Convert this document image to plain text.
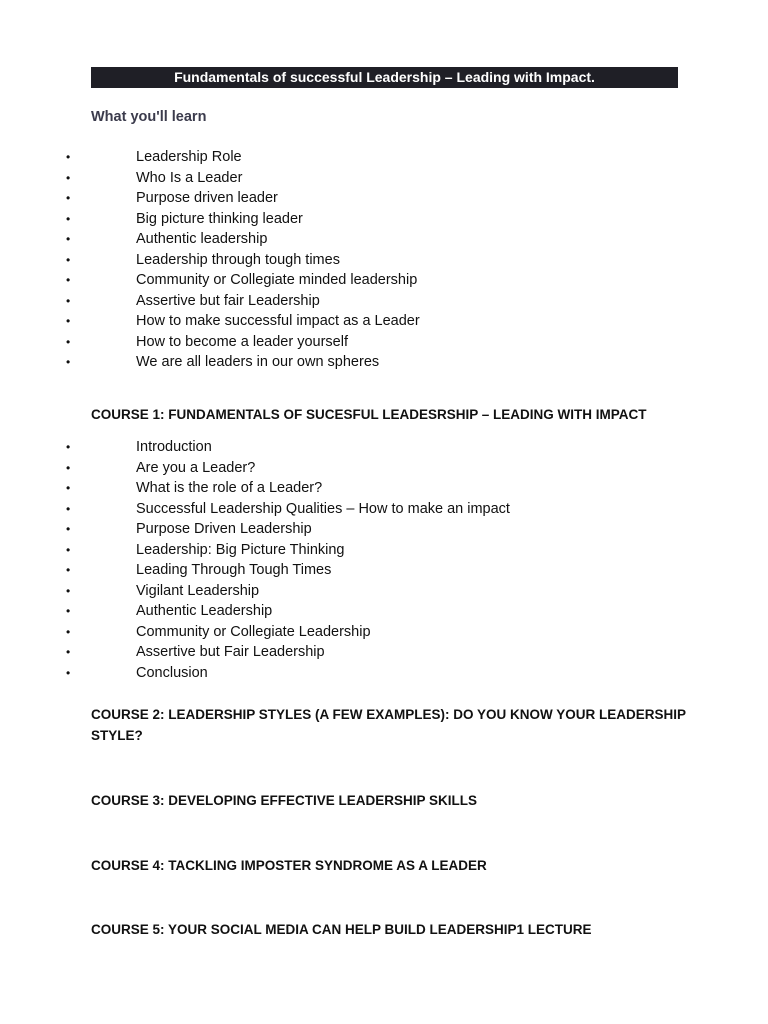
Fundamentals of successful Leadership – Leading with Impact.
What you'll learn
•	Leadership Role
•	Who Is a Leader
•	Purpose driven leader
•	Big picture thinking leader
•	Authentic leadership
•	Leadership through tough times
•	Community or Collegiate minded leadership
•	Assertive but fair Leadership
•	How to make successful impact as a Leader
•	How to become a leader yourself
•	We are all leaders in our own spheres
COURSE 1: FUNDAMENTALS OF SUCESFUL LEADESRSHIP – LEADING WITH IMPACT
•	Introduction
•	Are you a Leader?
•	What is the role of a Leader?
•	Successful Leadership Qualities – How to make an impact
•	Purpose Driven Leadership
•	Leadership: Big Picture Thinking
•	Leading Through Tough Times
•	Vigilant Leadership
•	Authentic Leadership
•	Community or Collegiate Leadership
•	Assertive but Fair Leadership
•	Conclusion
COURSE 2: LEADERSHIP STYLES (A FEW EXAMPLES): DO YOU KNOW YOUR LEADERSHIP STYLE?
COURSE 3: DEVELOPING EFFECTIVE LEADERSHIP SKILLS
COURSE 4: TACKLING IMPOSTER SYNDROME AS A LEADER
COURSE 5: YOUR SOCIAL MEDIA CAN HELP BUILD LEADERSHIP1 LECTURE
